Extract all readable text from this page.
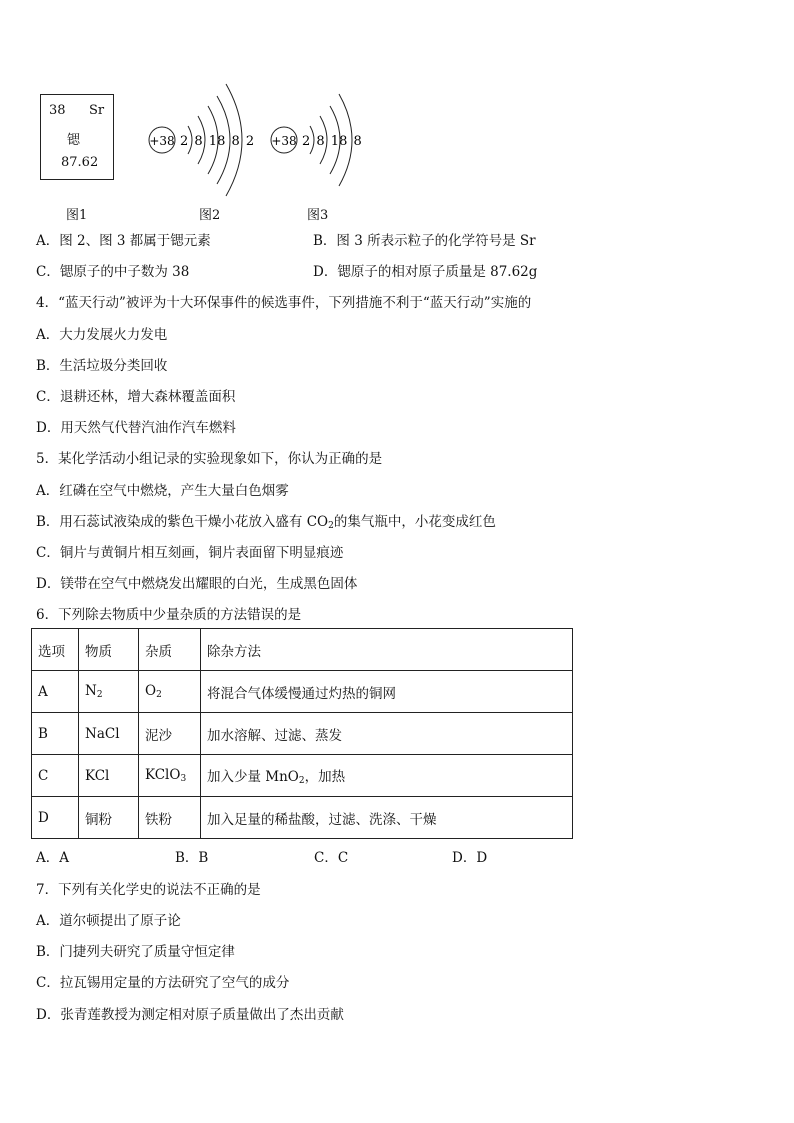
38 Sr
锶
87.62
+38 2 8 18 8 2 +38 2 8 18 8
图1	图2	图3
A．图 2、图 3 都属于锶元素	B．图 3 所表示粒子的化学符号是 Sr
C．锶原子的中子数为 38	D．锶原子的相对原子质量是 87.62g
4．“蓝天行动”被评为十大环保事件的候选事件，下列措施不利于“蓝天行动”实施的
A．大力发展火力发电
B．生活垃圾分类回收
C．退耕还林，增大森林覆盖面积
D．用天然气代替汽油作汽车燃料
5．某化学活动小组记录的实验现象如下，你认为正确的是
A．红磷在空气中燃烧，产生大量白色烟雾
B．用石蕊试液染成的紫色干燥小花放入盛有 $CO_2$的集气瓶中，小花变成红色
C．铜片与黄铜片相互刻画，铜片表面留下明显痕迹
D．镁带在空气中燃烧发出耀眼的白光，生成黑色固体
6．下列除去物质中少量杂质的方法错误的是
选项	物质	杂质	除杂方法
A	$N_2$	$O_2$	将混合气体缓慢通过灼热的铜网
B	NaCl	泥沙	加水溶解、过滤、蒸发
C	KCl	KClO$_3$	加入少量 MnO$_2$，加热
D	铜粉	铁粉	加入足量的稀盐酸，过滤、洗涤、干燥
A．A	B．B	C．C	D．D
7．下列有关化学史的说法不正确的是
A．道尔顿提出了原子论
B．门捷列夫研究了质量守恒定律
C．拉瓦锡用定量的方法研究了空气的成分
D．张青莲教授为测定相对原子质量做出了杰出贡献
